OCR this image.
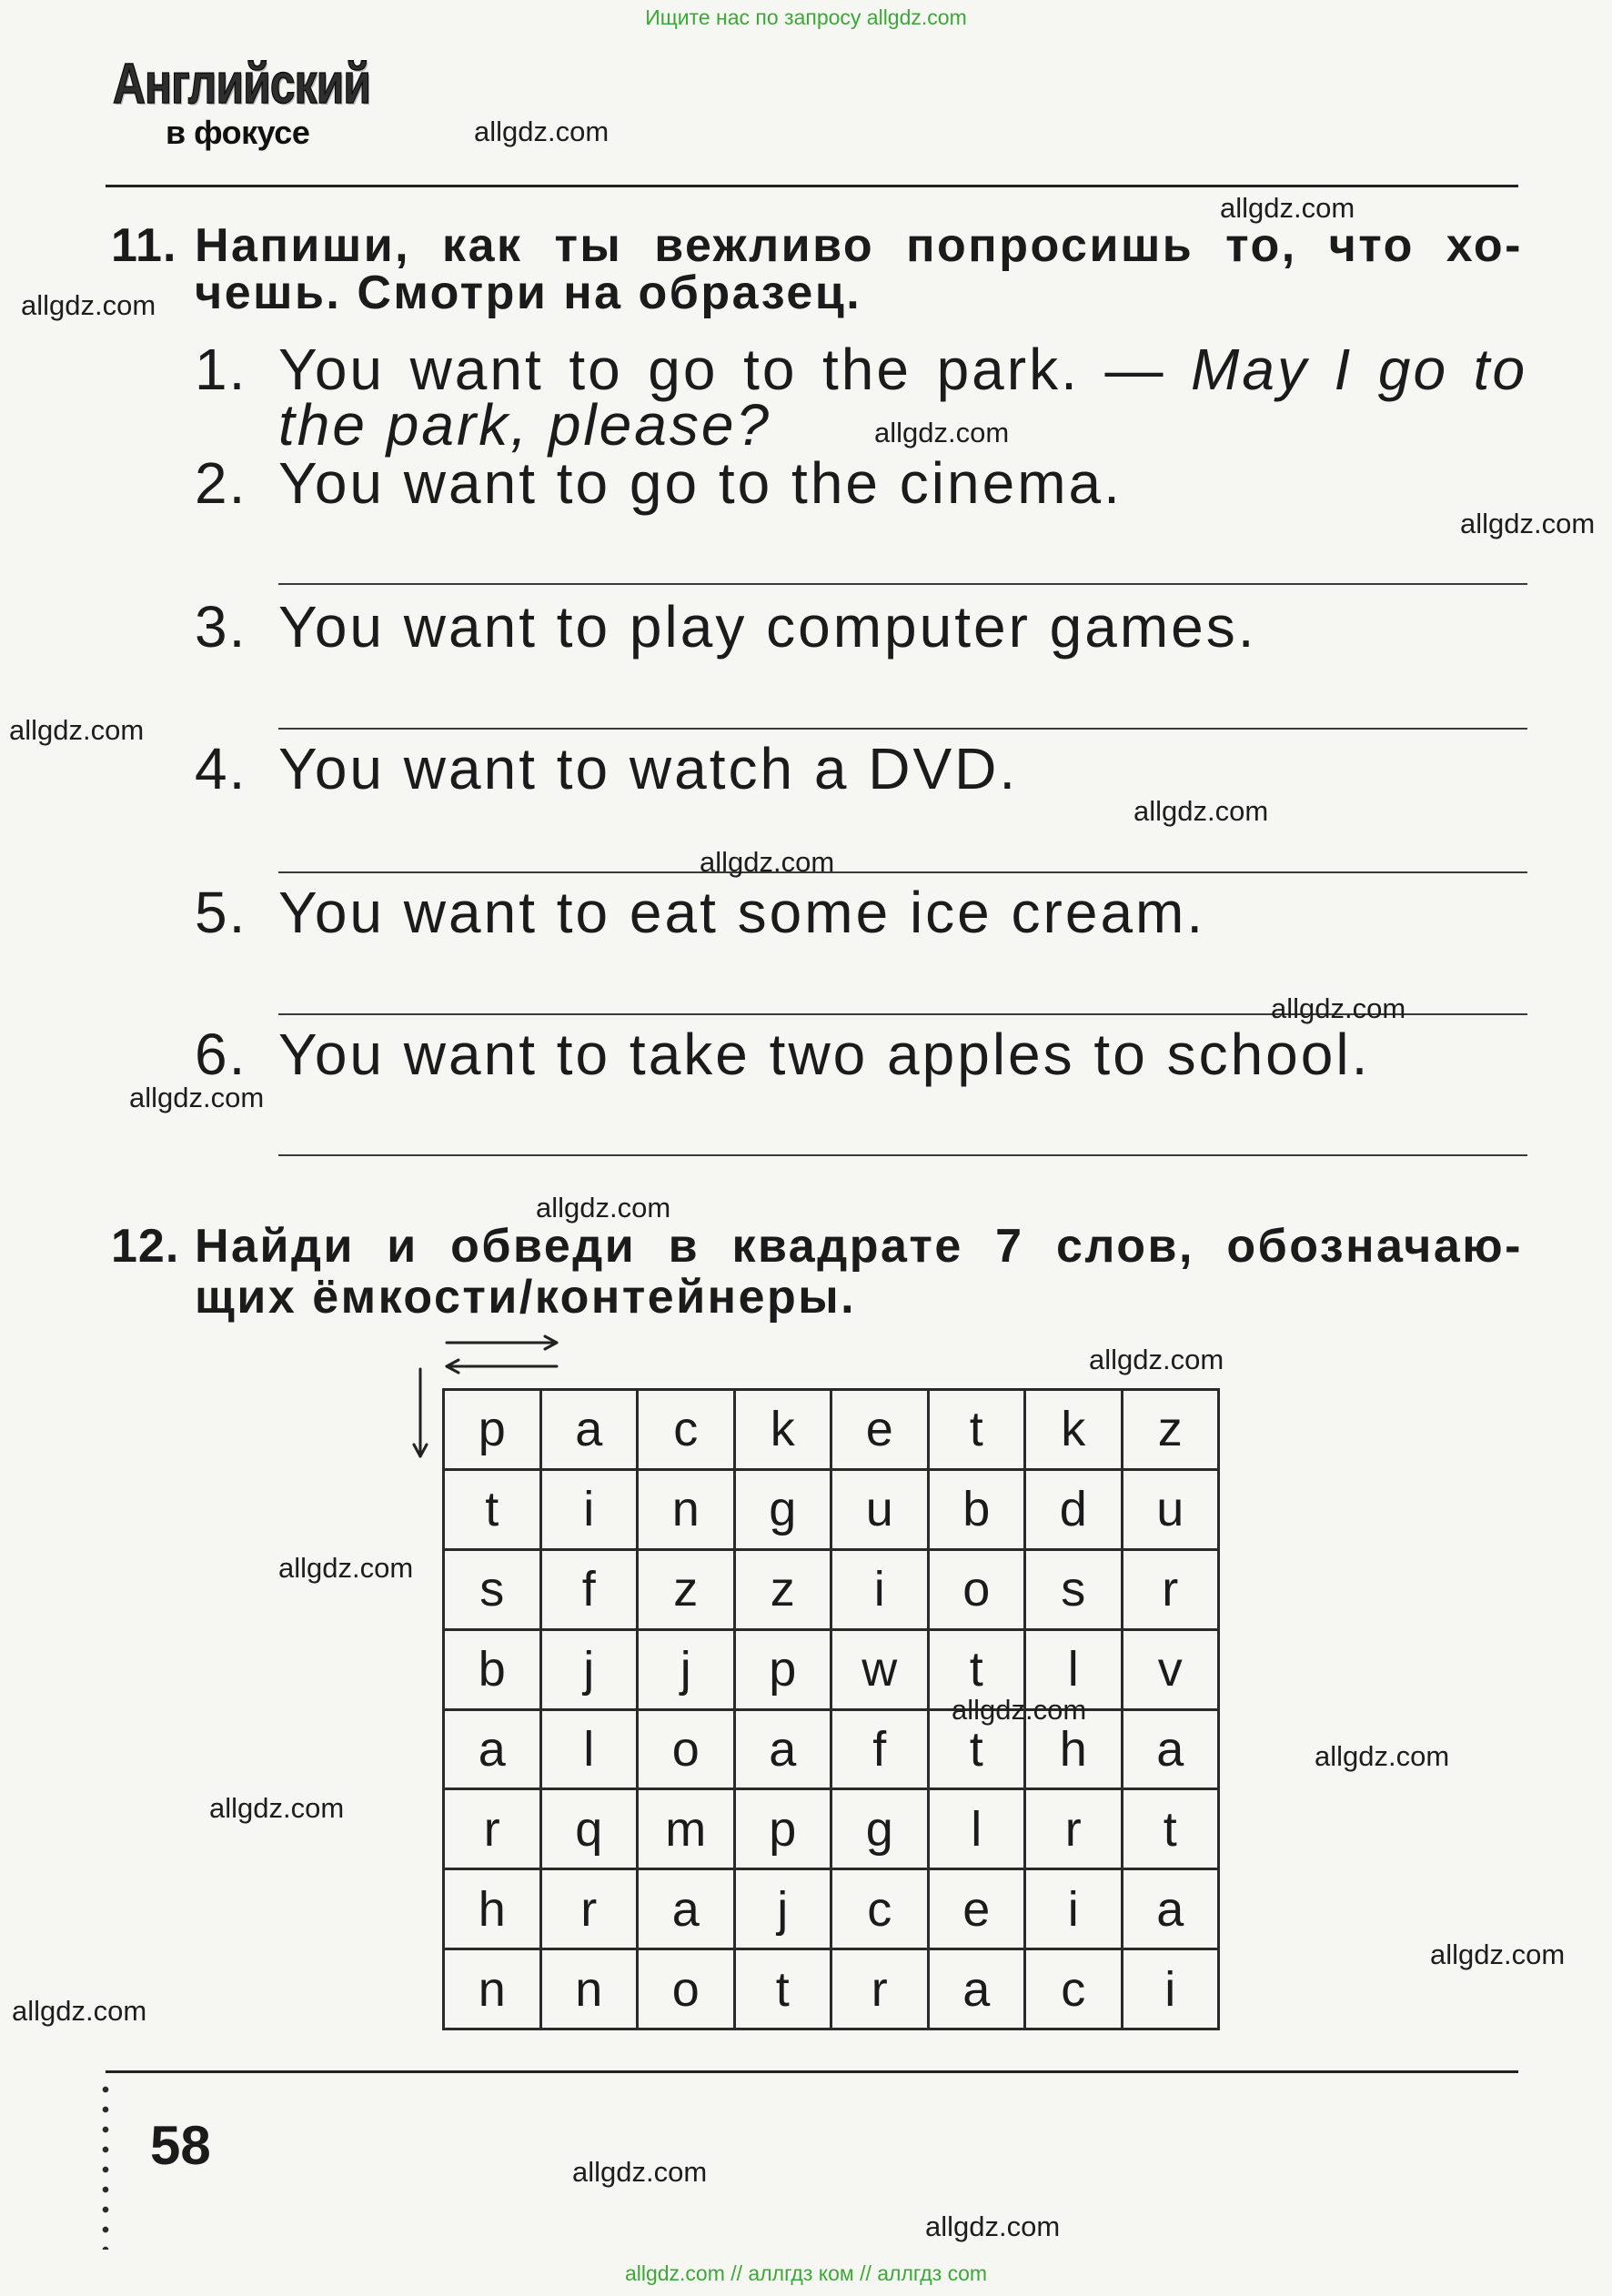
Ищите нас по запросу allgdz.com
Английский
в фокусе
11. Напиши, как ты вежливо попросишь то, что хо-
чешь. Смотри на образец.
1. You want to go to the park. — May I go to
the park, please?
2. You want to go to the cinema.
3. You want to play computer games.
4. You want to watch a DVD.
5. You want to eat some ice cream.
6. You want to take two apples to school.
12. Найди и обведи в квадрате 7 слов, обозначаю-
щих ёмкости/контейнеры.
p	a	c	k	e	t	k	z
t	i	n	g	u	b	d	u
s	f	z	z	i	o	s	r
b	j	j	p	w	t	l	v
a	l	o	a	f	t	h	a
r	q	m	p	g	l	r	t
h	r	a	j	c	e	i	a
n	n	o	t	r	a	c	i
58
allgdz.com
allgdz.com
allgdz.com
allgdz.com
allgdz.com
allgdz.com
allgdz.com
allgdz.com
allgdz.com
allgdz.com
allgdz.com
allgdz.com
allgdz.com
allgdz.com
allgdz.com
allgdz.com
allgdz.com
allgdz.com
allgdz.com
allgdz.com
allgdz.com // аллгдз ком // аллгдз com
